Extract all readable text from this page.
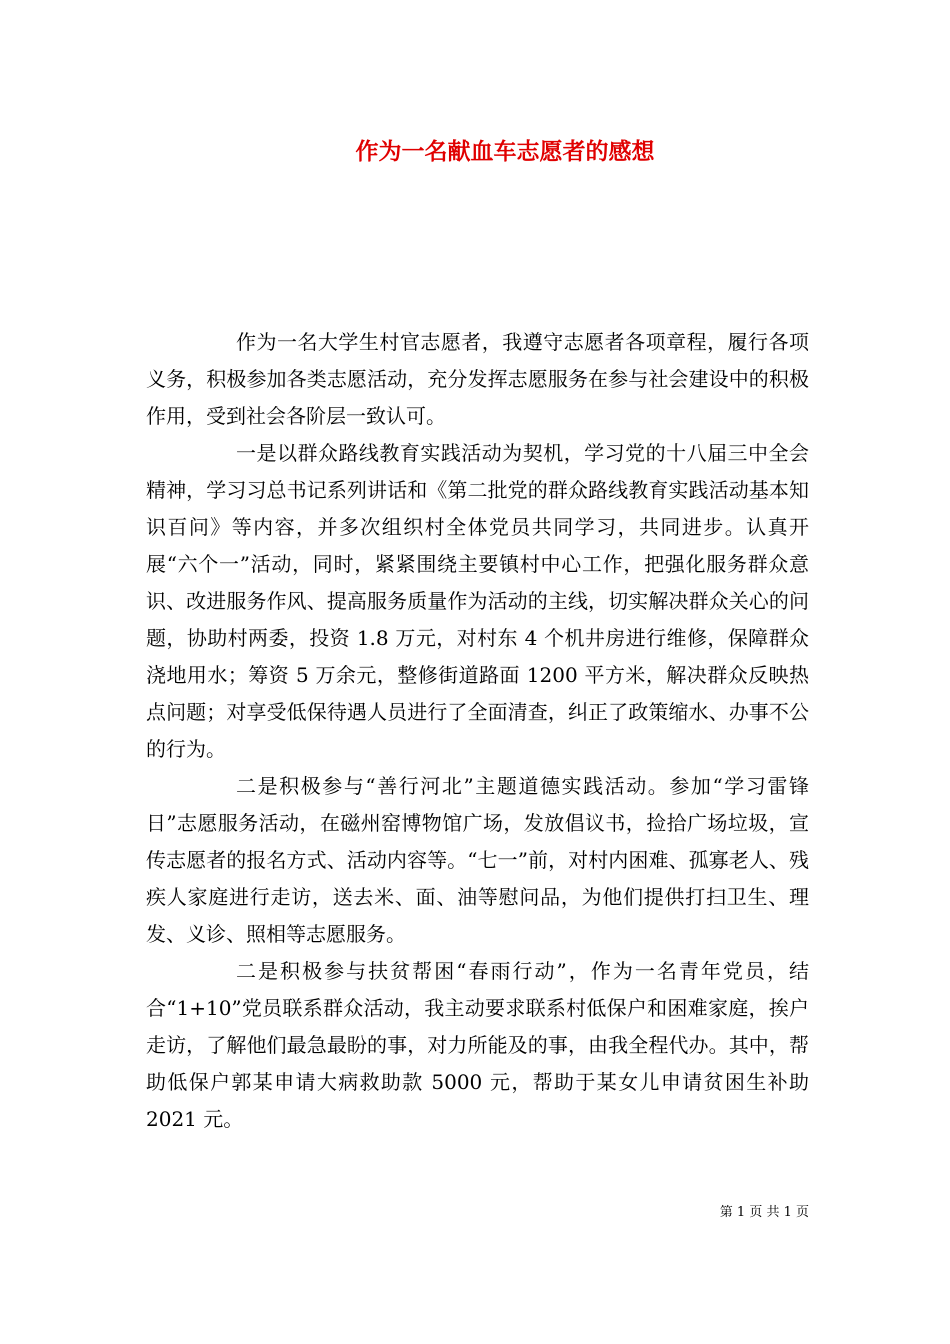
作为一名献血车志愿者的感想

作为一名大学生村官志愿者，我遵守志愿者各项章程，履行各项义务，积极参加各类志愿活动，充分发挥志愿服务在参与社会建设中的积极作用，受到社会各阶层一致认可。

一是以群众路线教育实践活动为契机，学习党的十八届三中全会精神，学习习总书记系列讲话和《第二批党的群众路线教育实践活动基本知识百问》等内容，并多次组织村全体党员共同学习，共同进步。认真开展“六个一”活动，同时，紧紧围绕主要镇村中心工作，把强化服务群众意识、改进服务作风、提高服务质量作为活动的主线，切实解决群众关心的问题，协助村两委，投资 1.8 万元，对村东 4 个机井房进行维修，保障群众浇地用水；筹资 5 万余元，整修街道路面 1200 平方米，解决群众反映热点问题；对享受低保待遇人员进行了全面清查，纠正了政策缩水、办事不公的行为。

二是积极参与“善行河北”主题道德实践活动。参加“学习雷锋日”志愿服务活动，在磁州窑博物馆广场，发放倡议书，捡拾广场垃圾，宣传志愿者的报名方式、活动内容等。“七一”前，对村内困难、孤寡老人、残疾人家庭进行走访，送去米、面、油等慰问品，为他们提供打扫卫生、理发、义诊、照相等志愿服务。

二是积极参与扶贫帮困“春雨行动”，作为一名青年党员，结合“1+10”党员联系群众活动，我主动要求联系村低保户和困难家庭，挨户走访，了解他们最急最盼的事，对力所能及的事，由我全程代办。其中，帮助低保户郭某申请大病救助款 5000 元，帮助于某女儿申请贫困生补助 2021 元。

第 1 页 共 1 页
